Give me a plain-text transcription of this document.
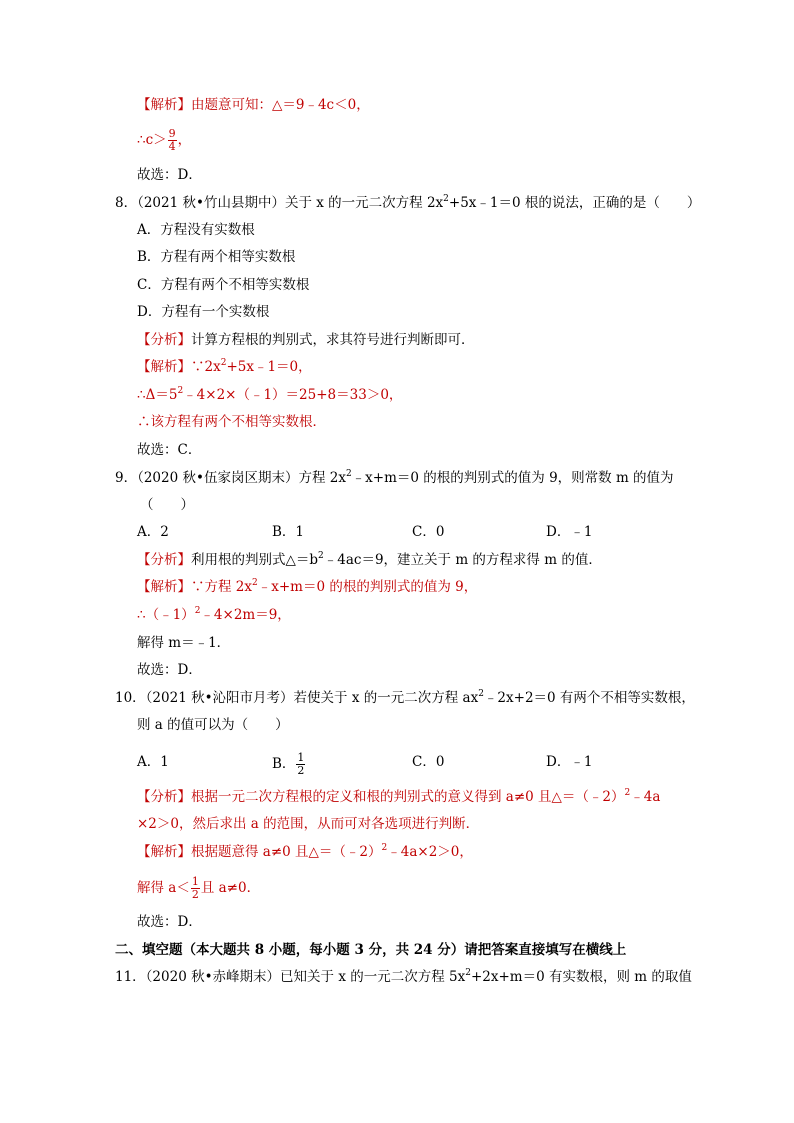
【解析】由题意可知：△＝9﹣4c＜0，
∴c＞ $\frac{9}{4}$ ，
故选：D．
8．（2021 秋•竹山县期中）关于 x 的一元二次方程 $2x^2+5x﹣1=0$ 根的说法，正确的是（　　）
A．方程没有实数根
B．方程有两个相等实数根
C．方程有两个不相等实数根
D．方程有一个实数根
【分析】计算方程根的判别式，求其符号进行判断即可．
【解析】$\because 2x^2+5x﹣1=0$，
$\therefore\Delta=5^2﹣4\times 2\times(﹣1)=25+8=33>0$，
∴该方程有两个不相等实数根．
故选：C．
9．（2020 秋•伍家岗区期末）方程 $2x^2﹣x+m=0$ 的根的判别式的值为 9，则常数 m 的值为
（　　）
A．2	B．1	C．0	D．﹣1
【分析】利用根的判别式$\triangle=b^2﹣4ac=9$，建立关于 m 的方程求得 m 的值．
【解析】∵方程 $2x^2﹣x+m=0$ 的根的判别式的值为 9，
∴（﹣1）$^2$﹣4×2m＝9，
解得 m＝﹣1．
故选：D．
10．（2021 秋•沁阳市月考）若使关于 x 的一元二次方程 $ax^2﹣2x+2=0$ 有两个不相等实数根，
则 a 的值可以为（　　）
A．1	B． $\frac{1}{2}$	C．0	D．﹣1
【分析】根据一元二次方程根的定义和根的判别式的意义得到 a≠0 且△＝（﹣2）$^2$﹣4a
×2＞0，然后求出 a 的范围，从而可对各选项进行判断．
【解析】根据题意得 a≠0 且△＝（﹣2）$^2$﹣4a×2＞0，
解得 $a< \frac{1}{2}$ 且 a≠0．
故选：D．
二、填空题（本大题共 8 小题，每小题 3 分，共 24 分）请把答案直接填写在横线上
11．（2020 秋•赤峰期末）已知关于 x 的一元二次方程 $5x^2+2x+m=0$ 有实数根，则 m 的取值
